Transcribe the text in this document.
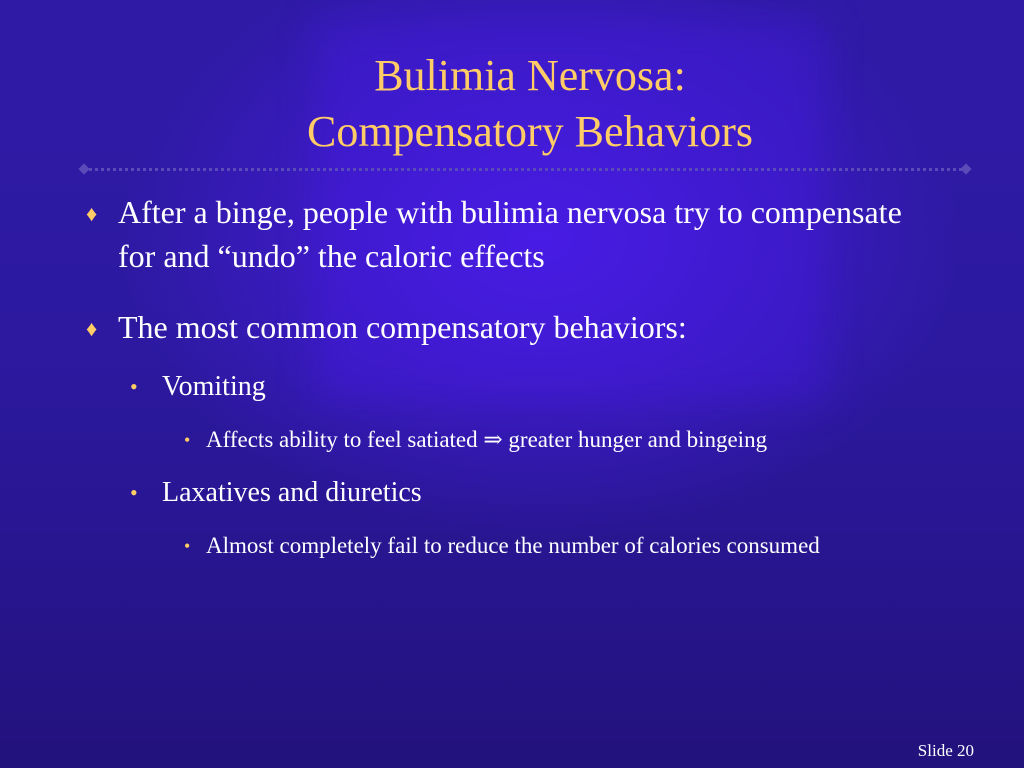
Bulimia Nervosa:
Compensatory Behaviors
♦ After a binge, people with bulimia nervosa try to compensate for and “undo” the caloric effects
♦ The most common compensatory behaviors:
• Vomiting
• Affects ability to feel satiated ⇒ greater hunger and bingeing
• Laxatives and diuretics
• Almost completely fail to reduce the number of calories consumed
Slide 20
